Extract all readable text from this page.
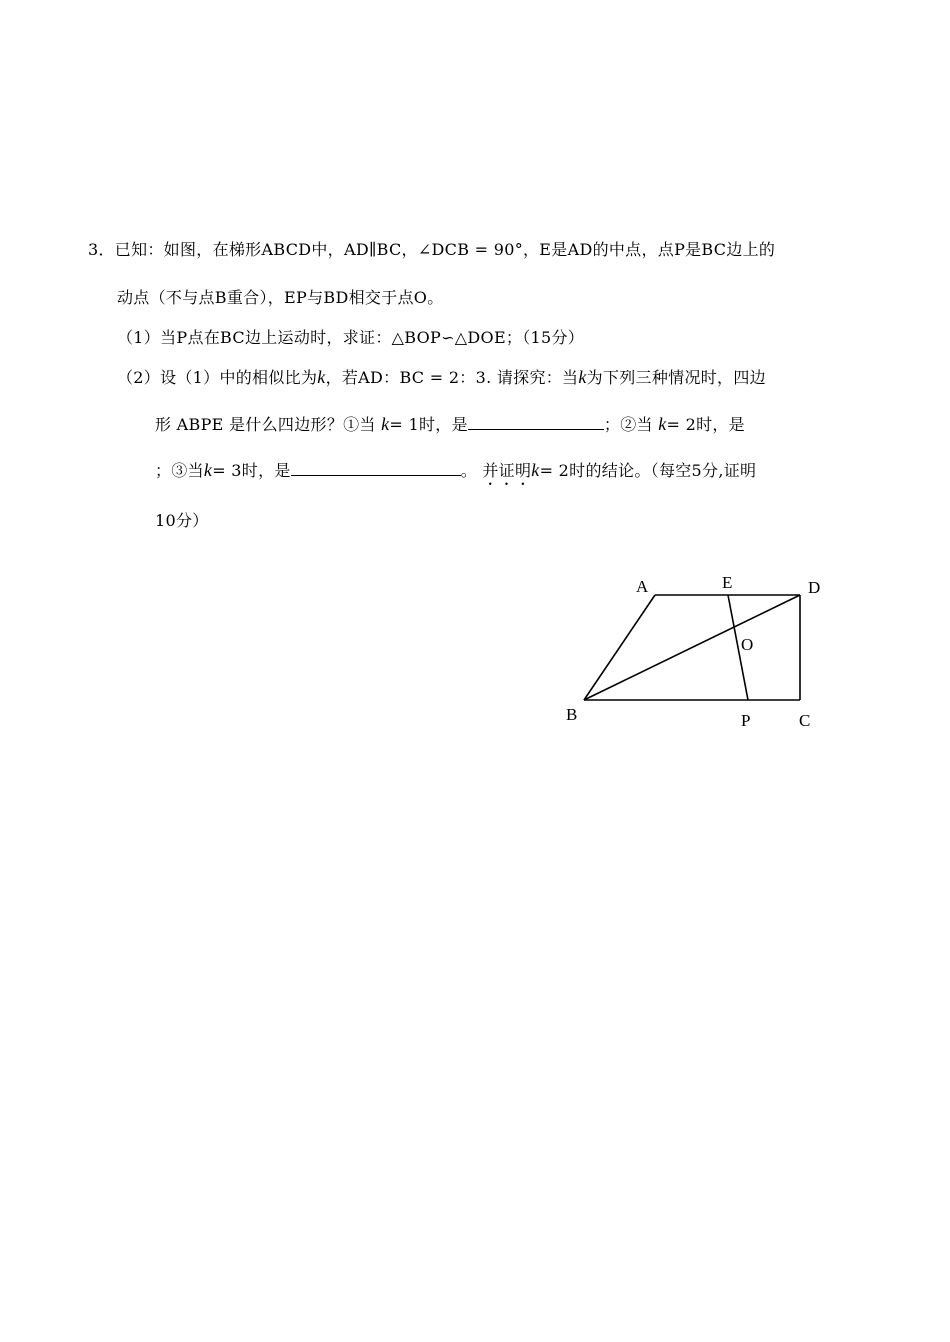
3．已知：如图，在梯形ABCD中，AD∥BC，∠DCB = 90°，E是AD的中点，点P是BC边上的
动点（不与点B重合），EP与BD相交于点O。
（1）当P点在BC边上运动时，求证：△BOP∽△DOE；（15分）
（2）设（1）中的相似比为k，若AD：BC = 2：3. 请探究：当k为下列三种情况时，四边
形 ABPE 是什么四边形？①当 k= 1时，是	；②当 k= 2时，是
；③当k= 3时，是	。 并证明k= 2时的结论。（每空5分,证明
10分）
A	E	D
O
B	P	C
